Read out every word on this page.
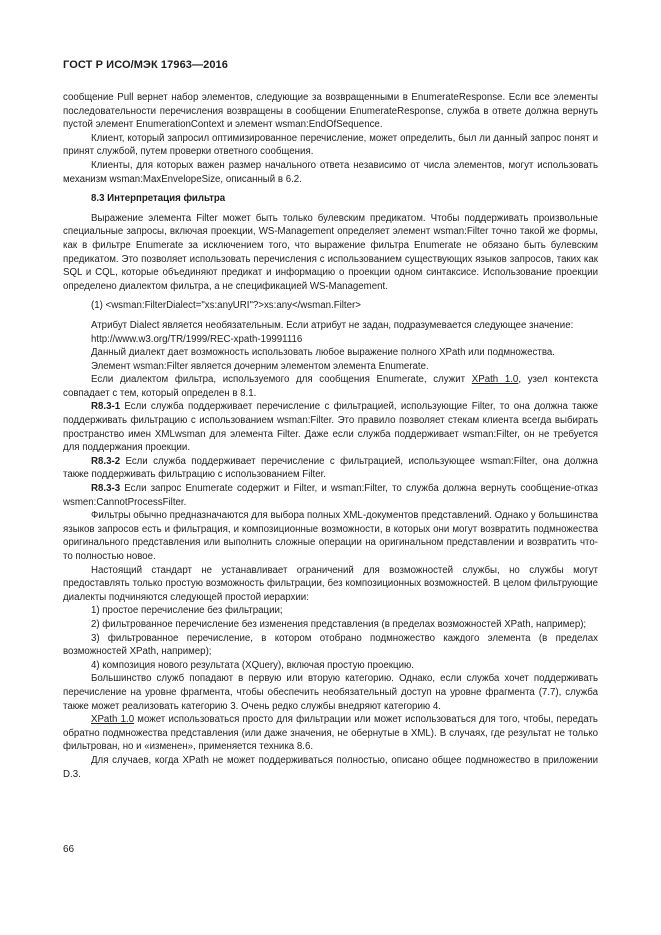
ГОСТ Р ИСО/МЭК 17963—2016

сообщение Pull вернет набор элементов, следующие за возвращенными в EnumerateResponse. Если все элементы последовательности перечисления возвращены в сообщении EnumerateResponse, служба в ответе должна вернуть пустой элемент EnumerationContext и элемент wsman:EndOfSequence.

Клиент, который запросил оптимизированное перечисление, может определить, был ли данный запрос понят и принят службой, путем проверки ответного сообщения.

Клиенты, для которых важен размер начального ответа независимо от числа элементов, могут использовать механизм wsman:MaxEnvelopeSize, описанный в 6.2.

8.3 Интерпретация фильтра

Выражение элемента Filter может быть только булевским предикатом. Чтобы поддерживать произвольные специальные запросы, включая проекции, WS-Management определяет элемент wsman:Filter точно такой же формы, как в фильтре Enumerate за исключением того, что выражение фильтра Enumerate не обязано быть булевским предикатом. Это позволяет использовать перечисления с использованием существующих языков запросов, таких как SQL и CQL, которые объединяют предикат и информацию о проекции одном синтаксисе. Использование проекции определено диалектом фильтра, а не спецификацией WS-Management.

(1) <wsman:FilterDialect="xs:anyURI"?>xs:any</wsman.Filter>

Атрибут Dialect является необязательным. Если атрибут не задан, подразумевается следующее значение:

http://www.w3.org/TR/1999/REC-xpath-19991116

Данный диалект дает возможность использовать любое выражение полного XPath или подмножества.

Элемент wsman:Filter является дочерним элементом элемента Enumerate.

Если диалектом фильтра, используемого для сообщения Enumerate, служит XPath 1.0, узел контекста совпадает с тем, который определен в 8.1.

R8.3-1 Если служба поддерживает перечисление с фильтрацией, использующие Filter, то она должна также поддерживать фильтрацию с использованием wsman:Filter. Это правило позволяет стекам клиента всегда выбирать пространство имен XMLwsman для элемента Filter. Даже если служба поддерживает wsman:Filter, он не требуется для поддержания проекции.

R8.3-2 Если служба поддерживает перечисление с фильтрацией, использующее wsman:Filter, она должна также поддерживать фильтрацию с использованием Filter.

R8.3-3 Если запрос Enumerate содержит и Filter, и wsman:Filter, то служба должна вернуть сообщение-отказ wsmen:CannotProcessFilter.

Фильтры обычно предназначаются для выбора полных XML-документов представлений. Однако у большинства языков запросов есть и фильтрация, и композиционные возможности, в которых они могут возвратить подмножества оригинального представления или выполнить сложные операции на оригинальном представлении и возвратить что-то полностью новое.

Настоящий стандарт не устанавливает ограничений для возможностей службы, но службы могут предоставлять только простую возможность фильтрации, без композиционных возможностей. В целом фильтрующие диалекты подчиняются следующей простой иерархии:

1) простое перечисление без фильтрации;

2) фильтрованное перечисление без изменения представления (в пределах возможностей XPath, например);

3) фильтрованное перечисление, в котором отобрано подмножество каждого элемента (в пределах возможностей XPath, например);

4) композиция нового результата (XQuery), включая простую проекцию.

Большинство служб попадают в первую или вторую категорию. Однако, если служба хочет поддерживать перечисление на уровне фрагмента, чтобы обеспечить необязательный доступ на уровне фрагмента (7.7), служба также может реализовать категорию 3. Очень редко службы внедряют категорию 4.

XPath 1.0 может использоваться просто для фильтрации или может использоваться для того, чтобы, передать обратно подмножества представления (или даже значения, не обернутые в XML). В случаях, где результат не только фильтрован, но и «изменен», применяется техника 8.6.

Для случаев, когда XPath не может поддерживаться полностью, описано общее подмножество в приложении D.3.

66
